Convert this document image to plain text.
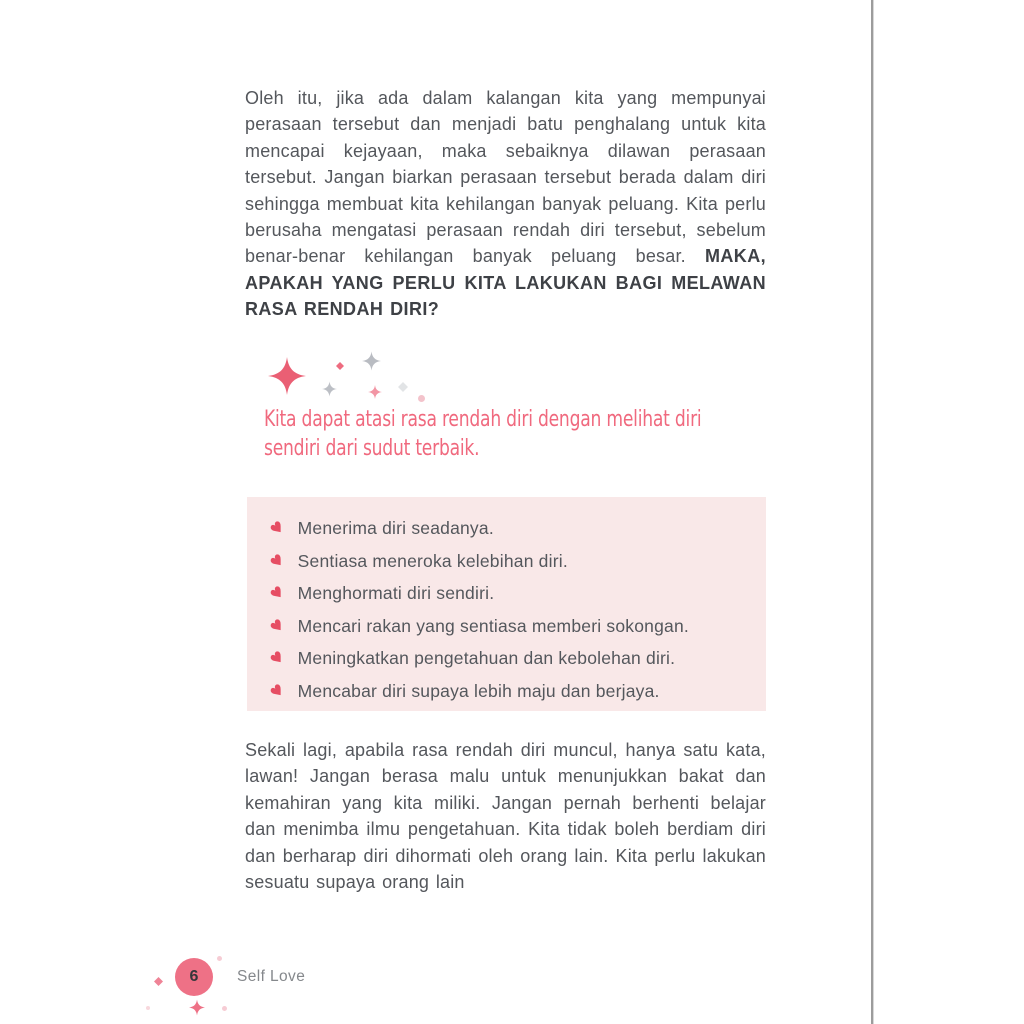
Oleh itu, jika ada dalam kalangan kita yang mempunyai perasaan tersebut dan menjadi batu penghalang untuk kita mencapai kejayaan, maka sebaiknya dilawan perasaan tersebut. Jangan biarkan perasaan tersebut berada dalam diri sehingga membuat kita kehilangan banyak peluang. Kita perlu berusaha mengatasi perasaan rendah diri tersebut, sebelum benar-benar kehilangan banyak peluang besar. MAKA, APAKAH YANG PERLU KITA LAKUKAN BAGI MELAWAN RASA RENDAH DIRI?

Kita dapat atasi rasa rendah diri dengan melihat diri
sendiri dari sudut terbaik.
♥ Menerima diri seadanya.
♥ Sentiasa meneroka kelebihan diri.
♥ Menghormati diri sendiri.
♥ Mencari rakan yang sentiasa memberi sokongan.
♥ Meningkatkan pengetahuan dan kebolehan diri.
♥ Mencabar diri supaya lebih maju dan berjaya.

Sekali lagi, apabila rasa rendah diri muncul, hanya satu kata, lawan! Jangan berasa malu untuk menunjukkan bakat dan kemahiran yang kita miliki. Jangan pernah berhenti belajar dan menimba ilmu pengetahuan. Kita tidak boleh berdiam diri dan berharap diri dihormati oleh orang lain. Kita perlu lakukan sesuatu supaya orang lain

6 Self Love
